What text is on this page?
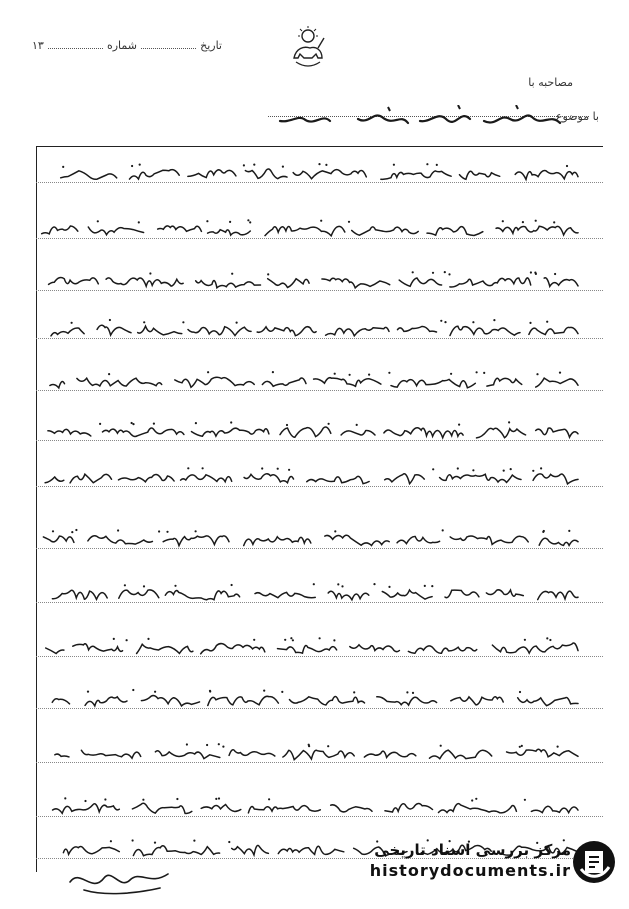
تاریخ
شماره
۱۳
مصاحبه با
با موضوع
مرکز بررسی اسناد تاریخی
historydocuments.ir
